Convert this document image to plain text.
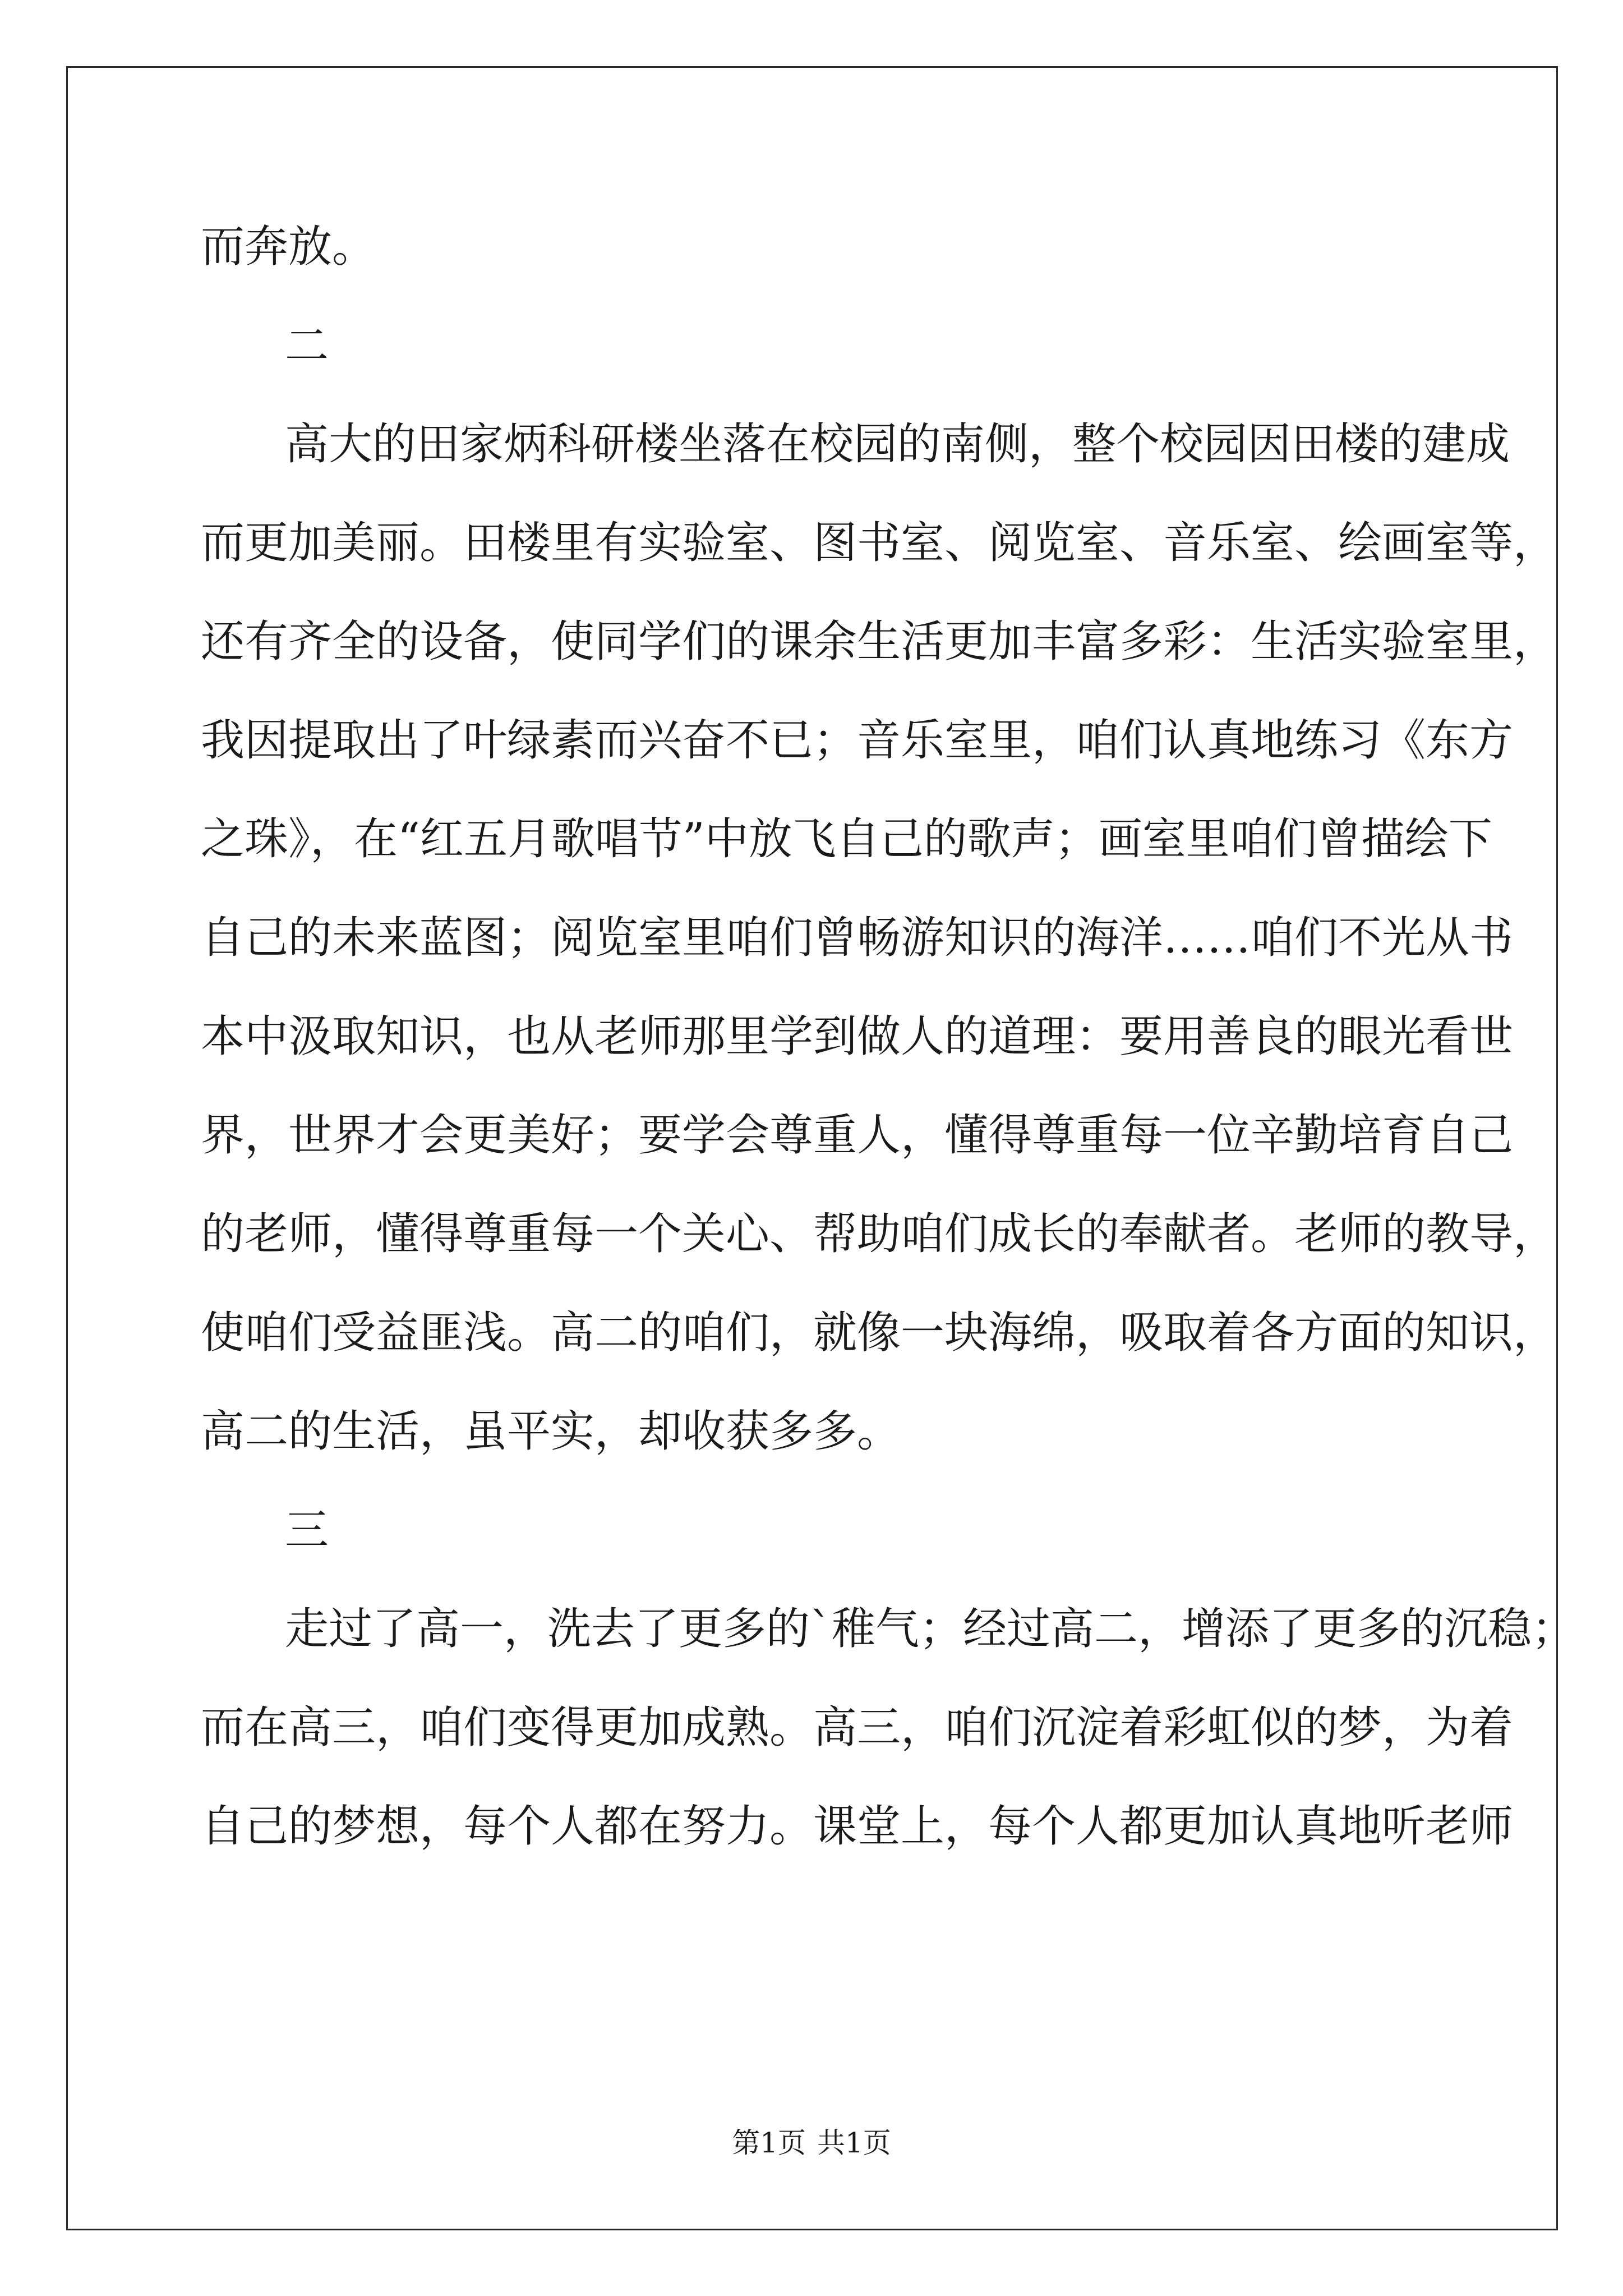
而奔放。
二
高大的田家炳科研楼坐落在校园的南侧，整个校园因田楼的建成
而更加美丽。田楼里有实验室、图书室、阅览室、音乐室、绘画室等，
还有齐全的设备，使同学们的课余生活更加丰富多彩：生活实验室里，
我因提取出了叶绿素而兴奋不已；音乐室里，咱们认真地练习《东方
之珠》，在“红五月歌唱节”中放飞自己的歌声；画室里咱们曾描绘下
自己的未来蓝图；阅览室里咱们曾畅游知识的海洋……咱们不光从书
本中汲取知识，也从老师那里学到做人的道理：要用善良的眼光看世
界，世界才会更美好；要学会尊重人，懂得尊重每一位辛勤培育自己
的老师，懂得尊重每一个关心、帮助咱们成长的奉献者。老师的教导，
使咱们受益匪浅。高二的咱们，就像一块海绵，吸取着各方面的知识，
高二的生活，虽平实，却收获多多。
三
走过了高一，洗去了更多的`稚气；经过高二，增添了更多的沉稳；
而在高三，咱们变得更加成熟。高三，咱们沉淀着彩虹似的梦，为着
自己的梦想，每个人都在努力。课堂上，每个人都更加认真地听老师
第1页 共1页
